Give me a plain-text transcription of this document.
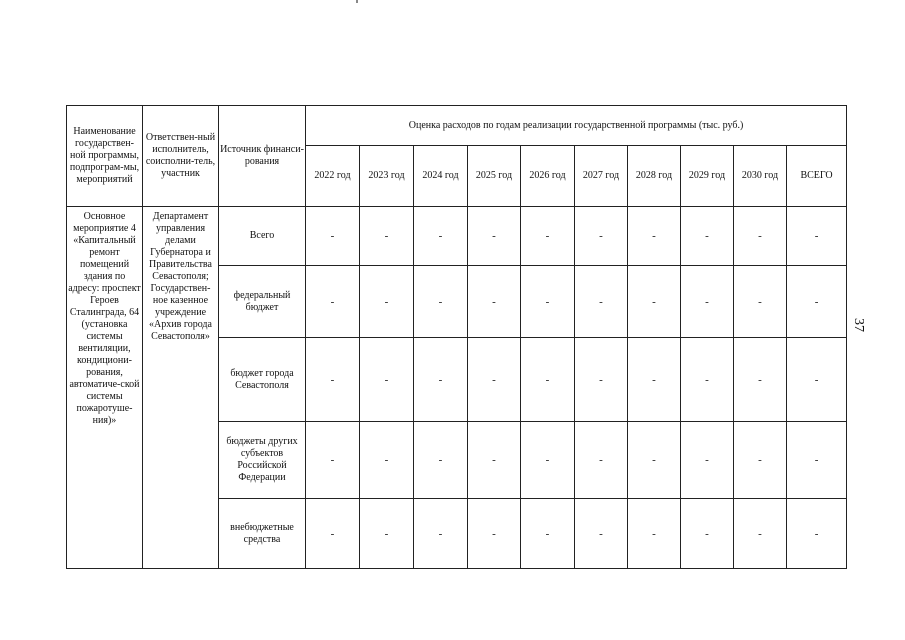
Наименование государствен-ной программы, подпрограм-мы, мероприятий	Ответствен-ный исполнитель, соисполни-тель, участник	Источник финанси-рования	Оценка расходов по годам реализации государственной программы (тыс. руб.)									
			2022 год	2023 год	2024 год	2025 год	2026 год	2027 год	2028 год	2029 год	2030 год	ВСЕГО
Основное мероприятие 4 «Капитальный ремонт помещений здания по адресу: проспект Героев Сталинграда, 64 (установка системы вентиляции, кондициони-рования, автоматиче-ской системы пожаротуше-ния)»	Департамент управления делами Губернатора и Правительства Севастополя; Государствен-ное казенное учреждение «Архив города Севастополя»	Всего	-	-	-	-	-	-	-	-	-	-
		федеральный бюджет	-	-	-	-	-	-	-	-	-	-
		бюджет города Севастополя	-	-	-	-	-	-	-	-	-	-
		бюджеты других субъектов Российской Федерации	-	-	-	-	-	-	-	-	-	-
		внебюджетные средства	-	-	-	-	-	-	-	-	-	-
37
